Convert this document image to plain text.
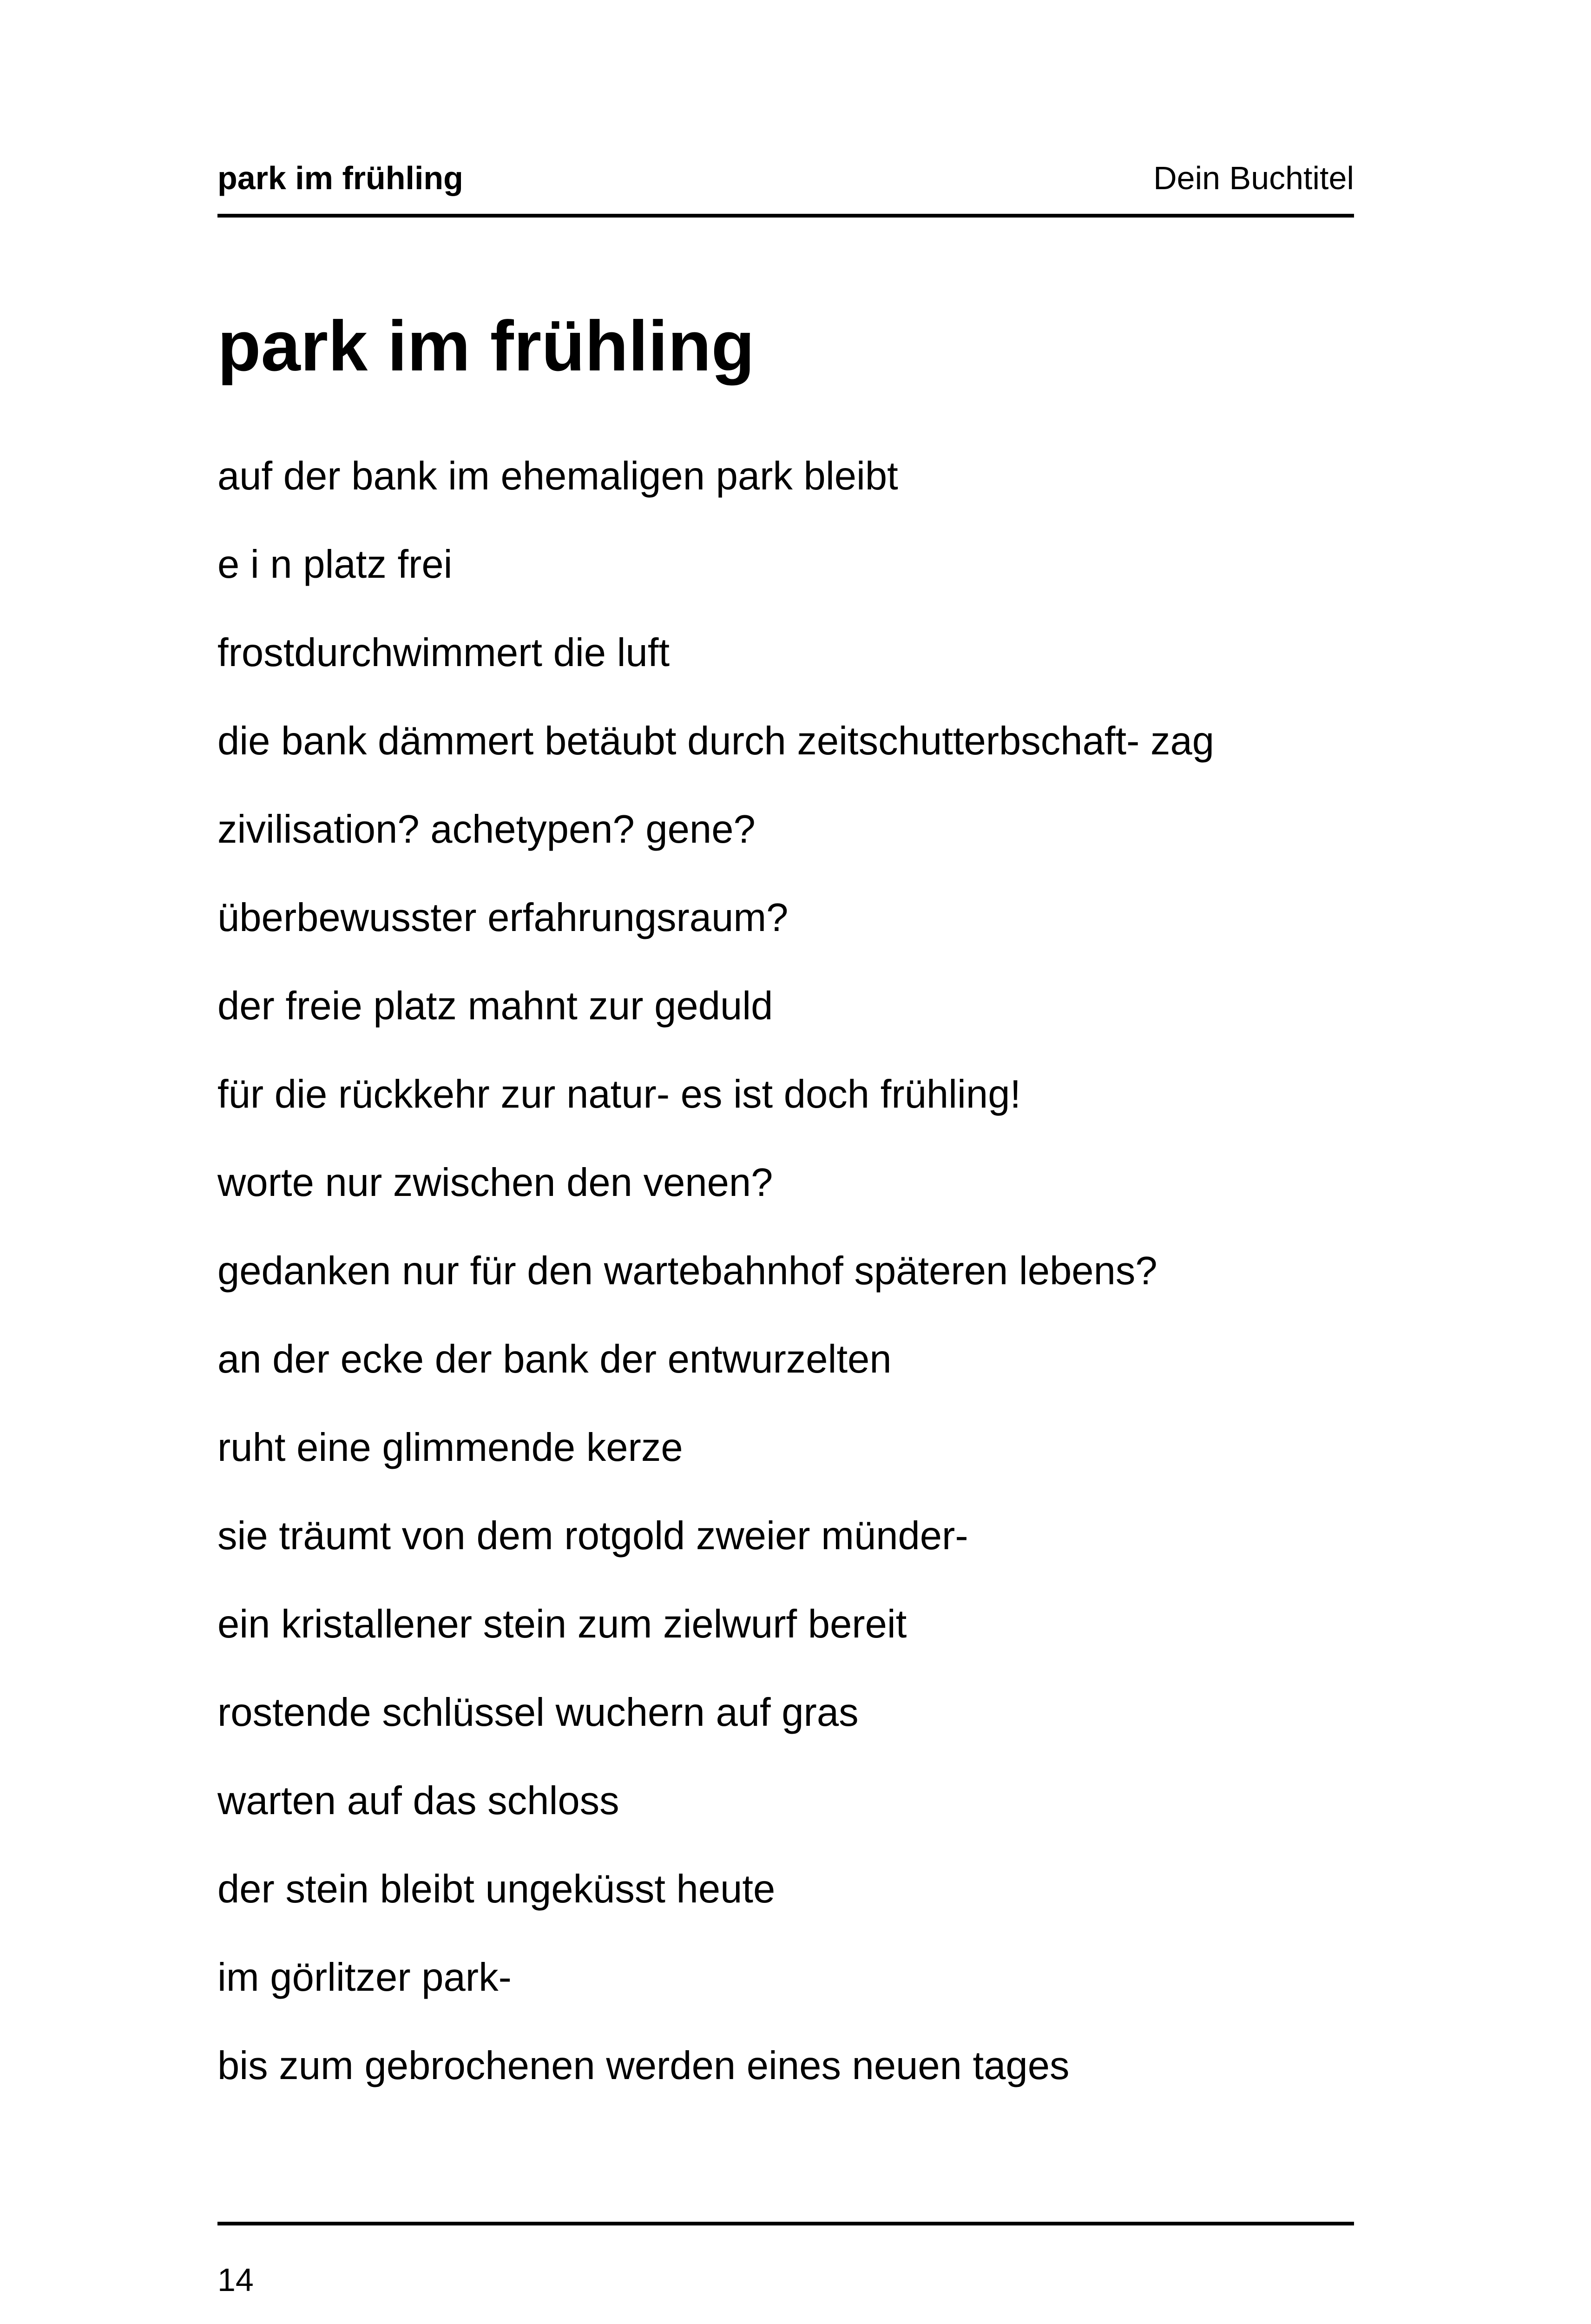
park im frühling	Dein Buchtitel
park im frühling
auf der bank im ehemaligen park bleibt
e i n platz frei
frostdurchwimmert die luft
die bank dämmert betäubt durch zeitschutterbschaft- zag
zivilisation? achetypen? gene?
überbewusster erfahrungsraum?
der freie platz mahnt zur geduld
für die rückkehr zur natur- es ist doch frühling!
worte nur zwischen den venen?
gedanken nur für den wartebahnhof späteren lebens?
an der ecke der bank der entwurzelten
ruht eine glimmende kerze
sie träumt von dem rotgold zweier münder-
ein kristallener stein zum zielwurf bereit
rostende schlüssel wuchern auf gras
warten auf das schloss
der stein bleibt ungeküsst heute
im görlitzer park-
bis zum gebrochenen werden eines neuen tages
14
